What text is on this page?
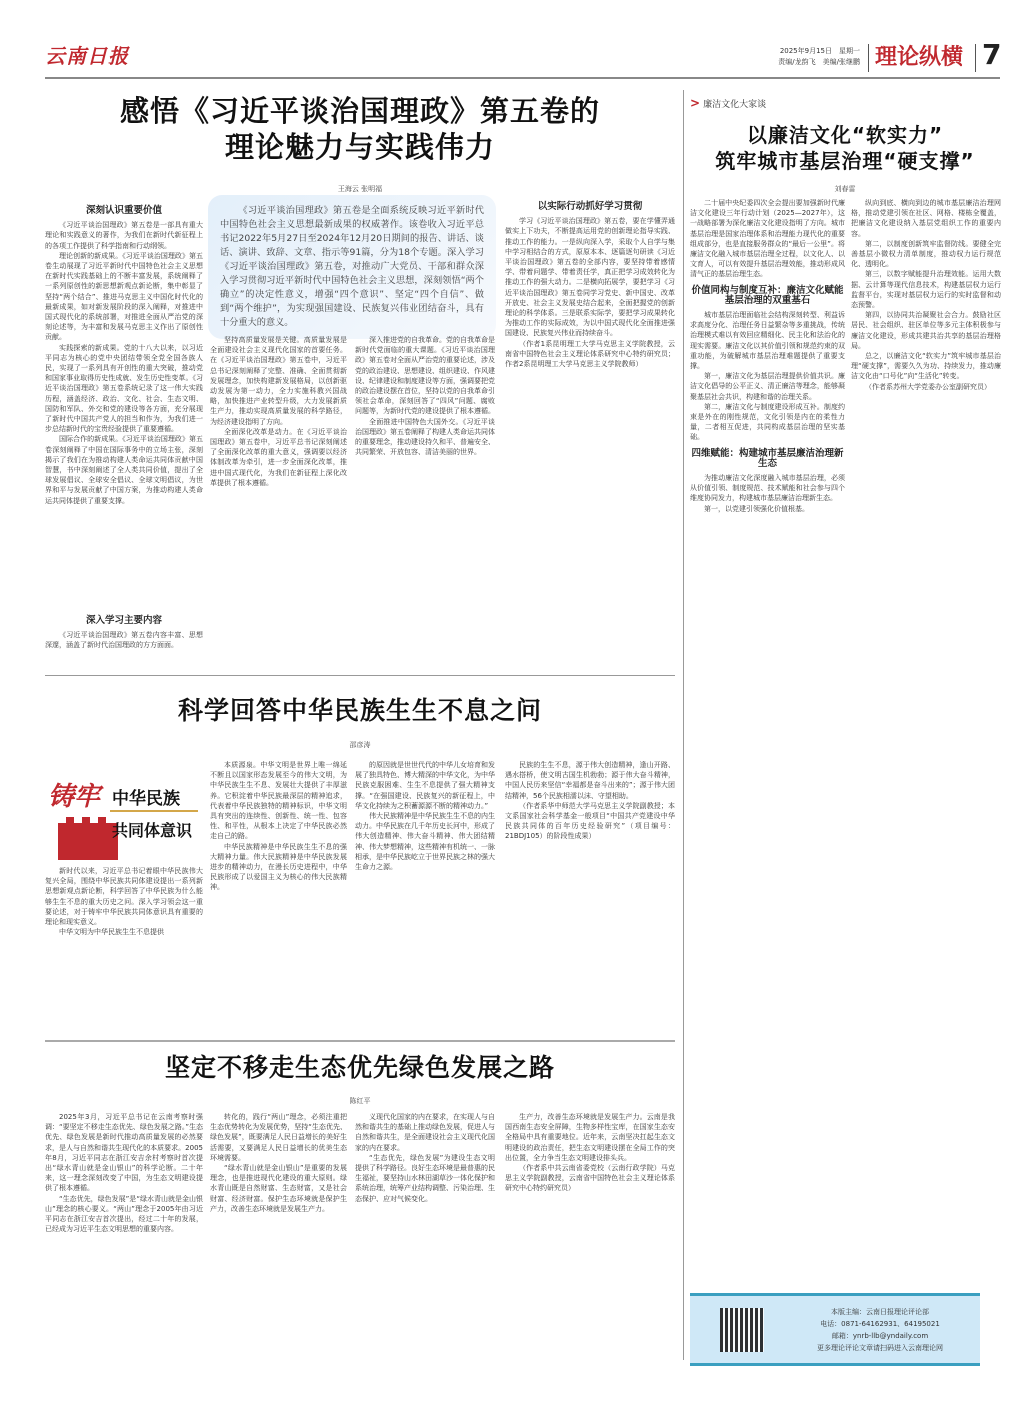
云南日报	2025年9月15日　星期一
责编/龙韵飞　美编/张继鹏 理论纵横 7
感悟《习近平谈治国理政》第五卷的
理论魅力与实践伟力
王海云 张明福
深刻认识重要价值

《习近平谈治国理政》第五卷是一部具有重大理论和实践意义的著作，为我们在新时代新征程上的各项工作提供了科学指南和行动纲领。

理论创新的新成果。《习近平谈治国理政》第五卷生动展现了习近平新时代中国特色社会主义思想在新时代实践基础上的不断丰富发展，系统阐释了一系列原创性的新思想新观点新论断，集中彰显了坚持“两个结合”、推进马克思主义中国化时代化的最新成果，如对新发展阶段的深入阐释，对推进中国式现代化的系统部署，对推进全面从严治党的深刻论述等，为丰富和发展马克思主义作出了原创性贡献。

实践探索的新成果。党的十八大以来，以习近平同志为核心的党中央团结带领全党全国各族人民，实现了一系列具有开创性的重大突破，推动党和国家事业取得历史性成就、发生历史性变革。《习近平谈治国理政》第五卷系统记录了这一伟大实践历程，涵盖经济、政治、文化、社会、生态文明、国防和军队、外交和党的建设等各方面，充分展现了新时代中国共产党人的担当和作为，为我们进一步总结新时代的宝贵经验提供了重要遵循。

国际合作的新成果。《习近平谈治国理政》第五卷深刻阐释了中国在国际事务中的立场主张，深刻揭示了我们在为推动构建人类命运共同体贡献中国智慧，书中深刻阐述了全人类共同价值，提出了全球发展倡议、全球安全倡议、全球文明倡议，为世界和平与发展贡献了中国方案，为推动构建人类命运共同体提供了重要支撑。

深入学习主要内容

《习近平谈治国理政》第五卷内容丰富、思想深邃，涵盖了新时代治国理政的方方面面。

《习近平谈治国理政》第五卷是全面系统反映习近平新时代中国特色社会主义思想最新成果的权威著作。该卷收入习近平总书记2022年5月27日至2024年12月20日期间的报告、讲话、谈话、演讲、致辞、文章、指示等91篇，分为18个专题。深入学习《习近平谈治国理政》第五卷，对推动广大党员、干部和群众深入学习贯彻习近平新时代中国特色社会主义思想，深刻领悟“两个确立”的决定性意义，增强“四个意识”、坚定“四个自信”、做到“两个维护”，为实现强国建设、民族复兴伟业团结奋斗，具有十分重大的意义。

坚持高质量发展是关键。高质量发展是全面建设社会主义现代化国家的首要任务。在《习近平谈治国理政》第五卷中，习近平总书记深刻阐释了完整、准确、全面贯彻新发展理念，加快构建新发展格局，以创新驱动发展为第一动力，全力实施科教兴国战略，加快推进产业转型升级，大力发展新质生产力，推动实现高质量发展的科学路径，为经济建设指明了方向。

全面深化改革是动力。在《习近平谈治国理政》第五卷中，习近平总书记深刻阐述了全面深化改革的重大意义，强调要以经济体制改革为牵引，进一步全面深化改革，推进中国式现代化，为我们在新征程上深化改革提供了根本遵循。

深入推进党的自我革命。党的自我革命是新时代党面临的重大课题。《习近平谈治国理政》第五卷对全面从严治党的重要论述，涉及党的政治建设、思想建设、组织建设、作风建设、纪律建设和制度建设等方面，强调要把党的政治建设摆在首位，坚持以党的自我革命引领社会革命，深刻回答了“四风”问题、腐败问题等，为新时代党的建设提供了根本遵循。

全面推进中国特色大国外交。《习近平谈治国理政》第五卷阐释了构建人类命运共同体的重要理念，推动建设持久和平、普遍安全、共同繁荣、开放包容、清洁美丽的世界。

以实际行动抓好学习贯彻

学习《习近平谈治国理政》第五卷，要在学懂弄通做实上下功夫，不断提高运用党的创新理论指导实践、推动工作的能力。一是纵向深入学，采取个人自学与集中学习相结合的方式，原原本本、逐篇逐句研读《习近平谈治国理政》第五卷的全部内容，要坚持带着感情学、带着问题学、带着责任学，真正把学习成效转化为推动工作的强大动力。二是横向拓展学，要把学习《习近平谈治国理政》第五卷同学习党史、新中国史、改革开放史、社会主义发展史结合起来，全面把握党的创新理论的科学体系。三是联系实际学，要把学习成果转化为推动工作的实际成效，为以中国式现代化全面推进强国建设、民族复兴伟业而持续奋斗。

（作者1系昆明理工大学马克思主义学院教授，云南省中国特色社会主义理论体系研究中心特约研究员；作者2系昆明理工大学马克思主义学院教师）

> 廉洁文化大家谈
以廉洁文化“软实力”
筑牢城市基层治理“硬支撑”
刘春雷

二十届中央纪委四次全会提出要加强新时代廉洁文化建设三年行动计划（2025—2027年），这一战略部署为深化廉洁文化建设指明了方向。城市基层治理是国家治理体系和治理能力现代化的重要组成部分，也是直接服务群众的“最后一公里”。将廉洁文化融入城市基层治理全过程，以文化人、以文育人，可以有效提升基层治理效能，推动形成风清气正的基层治理生态。

价值同构与制度互补：廉洁文化赋能基层治理的双重基石

城市基层治理面临社会结构深刻转型、利益诉求高度分化、治理任务日益繁杂等多重挑战，传统治理模式难以有效回应精细化、民主化和法治化的现实需要。廉洁文化以其价值引领和规范约束的双重功能，为破解城市基层治理难题提供了重要支撑。

第一，廉洁文化为基层治理提供价值共识。廉洁文化倡导的公平正义、清正廉洁等理念，能够凝聚基层社会共识，构建和谐的治理关系。

第二，廉洁文化与制度建设形成互补。制度约束是外在的刚性规范，文化引领是内在的柔性力量，二者相互促进，共同构成基层治理的坚实基础。

四维赋能：构建城市基层廉洁治理新生态

为推动廉洁文化深度融入城市基层治理，必须从价值引领、制度规范、技术赋能和社会参与四个维度协同发力，构建城市基层廉洁治理新生态。

第一，以党建引领强化价值根基。

纵向到底、横向到边的城市基层廉洁治理网格，推动党建引领在社区、网格、楼栋全覆盖，把廉洁文化建设纳入基层党组织工作的重要内容。

第二，以制度创新筑牢监督防线。要健全完善基层小微权力清单制度，推动权力运行规范化、透明化。

第三，以数字赋能提升治理效能。运用大数据、云计算等现代信息技术，构建基层权力运行监督平台，实现对基层权力运行的实时监督和动态预警。

第四，以协同共治凝聚社会合力。鼓励社区居民、社会组织、驻区单位等多元主体积极参与廉洁文化建设，形成共建共治共享的基层治理格局。

总之，以廉洁文化“软实力”筑牢城市基层治理“硬支撑”，需要久久为功、持续发力，推动廉洁文化由“口号化”向“生活化”转变。

（作者系苏州大学党委办公室副研究员）

科学回答中华民族生生不息之问
邵彦涛
铸牢 中华民族
共同体意识

新时代以来，习近平总书记着眼中华民族伟大复兴全局，围绕中华民族共同体建设提出一系列新思想新观点新论断，科学回答了中华民族为什么能够生生不息的重大历史之问。深入学习领会这一重要论述，对于铸牢中华民族共同体意识具有重要的理论和现实意义。

中华文明为中华民族生生不息提供

本质源泉。中华文明是世界上唯一绵延不断且以国家形态发展至今的伟大文明，为中华民族生生不息、发展壮大提供了丰厚滋养。它积淀着中华民族最深层的精神追求，代表着中华民族独特的精神标识，中华文明具有突出的连续性、创新性、统一性、包容性、和平性，从根本上决定了中华民族必然走自己的路。

中华民族精神是中华民族生生不息的强大精神力量。伟大民族精神是中华民族发展进步的精神动力，在漫长历史进程中，中华民族形成了以爱国主义为核心的伟大民族精神。

的原因就是世世代代的中华儿女培育和发展了独具特色、博大精深的中华文化，为中华民族克服困难、生生不息提供了强大精神支撑。“在强国建设、民族复兴的新征程上，中华文化持续为之积蓄源源不断的精神动力。”

伟大民族精神是中华民族生生不息的内生动力。中华民族在几千年历史长河中，形成了伟大创造精神、伟大奋斗精神、伟大团结精神、伟大梦想精神，这些精神有机统一、一脉相承，是中华民族屹立于世界民族之林的强大生命力之源。

民族的生生不息，源于伟大创造精神，逢山开路、遇水搭桥，使文明古国生机勃勃；源于伟大奋斗精神，中国人民历来坚信“幸福都是奋斗出来的”；源于伟大团结精神，56个民族相濡以沫、守望相助。

（作者系华中师范大学马克思主义学院副教授；本文系国家社会科学基金一般项目“中国共产党建设中华民族共同体的百年历史经验研究”（项目编号：21BDJ105）的阶段性成果）

坚定不移走生态优先绿色发展之路
陈红平

2025年3月，习近平总书记在云南考察时强调：“要坚定不移走生态优先、绿色发展之路。”生态优先、绿色发展是新时代推动高质量发展的必然要求，是人与自然和谐共生现代化的本质要求。2005年8月，习近平同志在浙江安吉余村考察时首次提出“绿水青山就是金山银山”的科学论断。二十年来，这一理念深刻改变了中国，为生态文明建设提供了根本遵循。

“生态优先，绿色发展”是“绿水青山就是金山银山”理念的核心要义。“两山”理念于2005年由习近平同志在浙江安吉首次提出，经过二十年的发展，已经成为习近平生态文明思想的重要内容。

转化的，践行“两山”理念，必须注重把生态优势转化为发展优势，坚持“生态优先、绿色发展”，既要满足人民日益增长的美好生活需要，又要满足人民日益增长的优美生态环境需要。

“绿水青山就是金山银山”是重要的发展理念，也是推进现代化建设的重大原则。绿水青山既是自然财富、生态财富，又是社会财富、经济财富。保护生态环境就是保护生产力，改善生态环境就是发展生产力。

义现代化国家的内在要求，在实现人与自然和谐共生的基础上推动绿色发展，促进人与自然和谐共生，是全面建设社会主义现代化国家的内在要求。

“生态优先，绿色发展”为建设生态文明提供了科学路径。良好生态环境是最普惠的民生福祉，要坚持山水林田湖草沙一体化保护和系统治理，统筹产业结构调整、污染治理、生态保护、应对气候变化。

生产力，改善生态环境就是发展生产力。云南是我国西南生态安全屏障，生物多样性宝库，在国家生态安全格局中具有重要地位。近年来，云南坚决扛起生态文明建设的政治责任，把生态文明建设摆在全局工作的突出位置，全力争当生态文明建设排头兵。

（作者系中共云南省委党校（云南行政学院）马克思主义学院副教授，云南省中国特色社会主义理论体系研究中心特约研究员）

本版主编：云南日报理论评论部
电话：0871-64162931、64195021
邮箱：ynrb-llb@yndaily.com
更多理论评论文章请扫码进入云南理论网
